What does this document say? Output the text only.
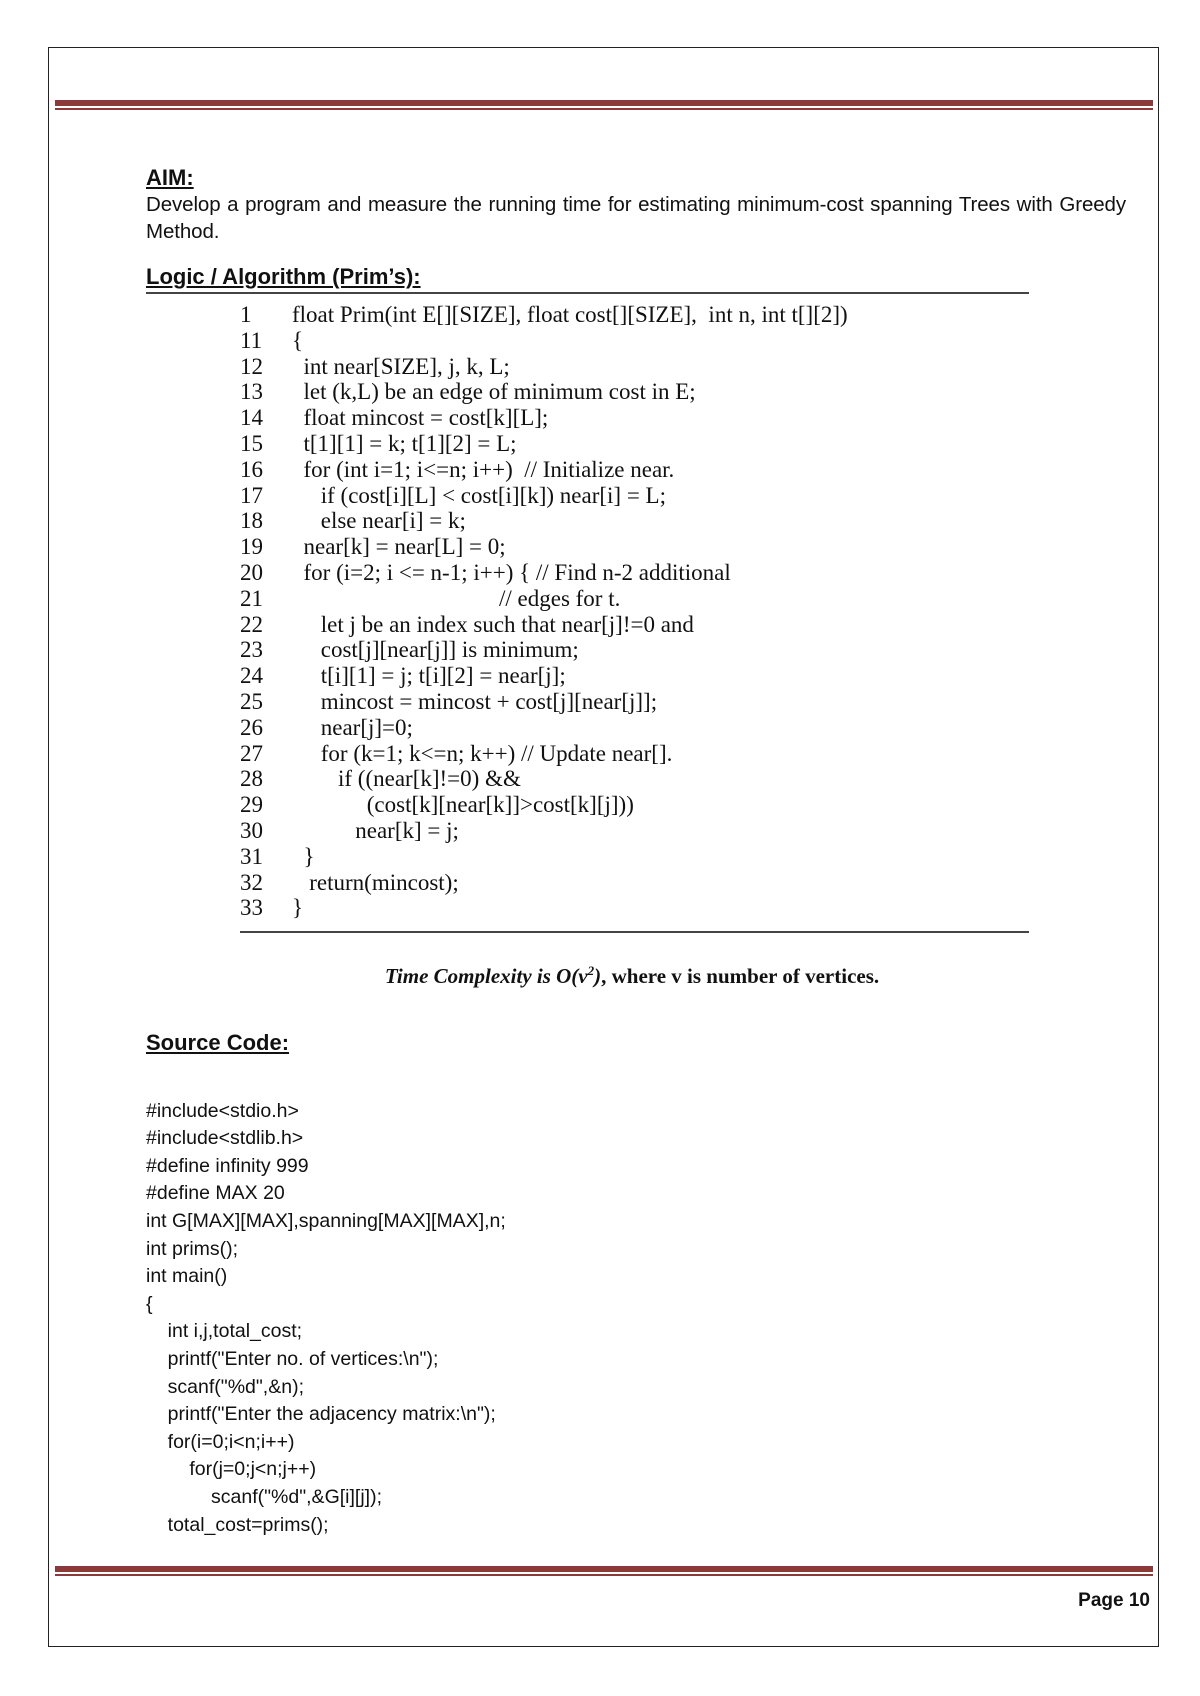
AIM:

Develop a program and measure the running time for estimating minimum-cost spanning Trees with Greedy Method.

Logic / Algorithm (Prim’s):

1	float Prim(int E[][SIZE], float cost[][SIZE],  int n, int t[][2])
11	{
12	int near[SIZE], j, k, L;
13	let (k,L) be an edge of minimum cost in E;
14	float mincost = cost[k][L];
15	t[1][1] = k; t[1][2] = L;
16	for (int i=1; i<=n; i++)  // Initialize near.
17	if (cost[i][L] < cost[i][k]) near[i] = L;
18	else near[i] = k;
19	near[k] = near[L] = 0;
20	for (i=2; i <= n-1; i++) { // Find n-2 additional
21	// edges for t.
22	let j be an index such that near[j]!=0 and
23	cost[j][near[j]] is minimum;
24	t[i][1] = j; t[i][2] = near[j];
25	mincost = mincost + cost[j][near[j]];
26	near[j]=0;
27	for (k=1; k<=n; k++) // Update near[].
28	if ((near[k]!=0) &&
29	(cost[k][near[k]]>cost[k][j]))
30	near[k] = j;
31	}
32	return(mincost);
33	}
Time Complexity is $O(v^2)$, where v is number of vertices.

Source Code:

#include<stdio.h>
#include<stdlib.h>
#define infinity 999
#define MAX 20
int G[MAX][MAX],spanning[MAX][MAX],n;
int prims();
int main()
{
int i,j,total_cost;
printf("Enter no. of vertices:\n");
scanf("%d",&n);
printf("Enter the adjacency matrix:\n");
for(i=0;i<n;i++)
for(j=0;j<n;j++)
scanf("%d",&G[i][j]);
total_cost=prims();
Page 10
